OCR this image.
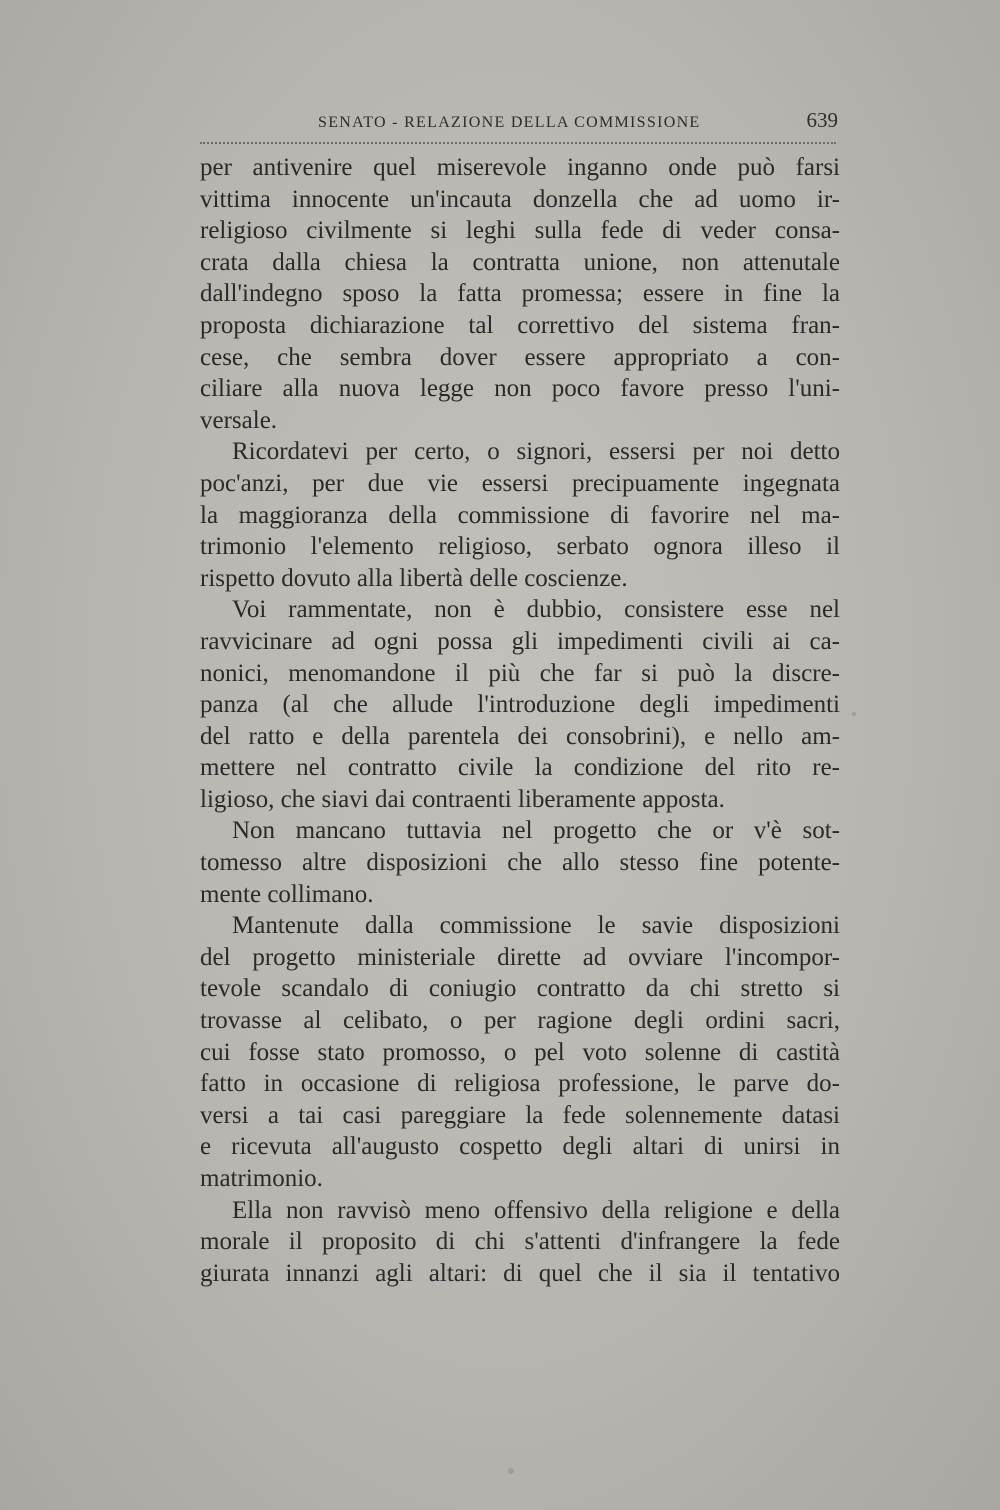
SENATO - RELAZIONE DELLA COMMISSIONE	639
per antivenire quel miserevole inganno onde può farsi
vittima innocente un'incauta donzella che ad uomo ir-
religioso civilmente si leghi sulla fede di veder consa-
crata dalla chiesa la contratta unione, non attenutale
dall'indegno sposo la fatta promessa; essere in fine la
proposta dichiarazione tal correttivo del sistema fran-
cese, che sembra dover essere appropriato a con-
ciliare alla nuova legge non poco favore presso l'uni-
versale.
Ricordatevi per certo, o signori, essersi per noi detto
poc'anzi, per due vie essersi precipuamente ingegnata
la maggioranza della commissione di favorire nel ma-
trimonio l'elemento religioso, serbato ognora illeso il
rispetto dovuto alla libertà delle coscienze.
Voi rammentate, non è dubbio, consistere esse nel
ravvicinare ad ogni possa gli impedimenti civili ai ca-
nonici, menomandone il più che far si può la discre-
panza (al che allude l'introduzione degli impedimenti
del ratto e della parentela dei consobrini), e nello am-
mettere nel contratto civile la condizione del rito re-
ligioso, che siavi dai contraenti liberamente apposta.
Non mancano tuttavia nel progetto che or v'è sot-
tomesso altre disposizioni che allo stesso fine potente-
mente collimano.
Mantenute dalla commissione le savie disposizioni
del progetto ministeriale dirette ad ovviare l'incompor-
tevole scandalo di coniugio contratto da chi stretto si
trovasse al celibato, o per ragione degli ordini sacri,
cui fosse stato promosso, o pel voto solenne di castità
fatto in occasione di religiosa professione, le parve do-
versi a tai casi pareggiare la fede solennemente datasi
e ricevuta all'augusto cospetto degli altari di unirsi in
matrimonio.
Ella non ravvisò meno offensivo della religione e della
morale il proposito di chi s'attenti d'infrangere la fede
giurata innanzi agli altari: di quel che il sia il tentativo
